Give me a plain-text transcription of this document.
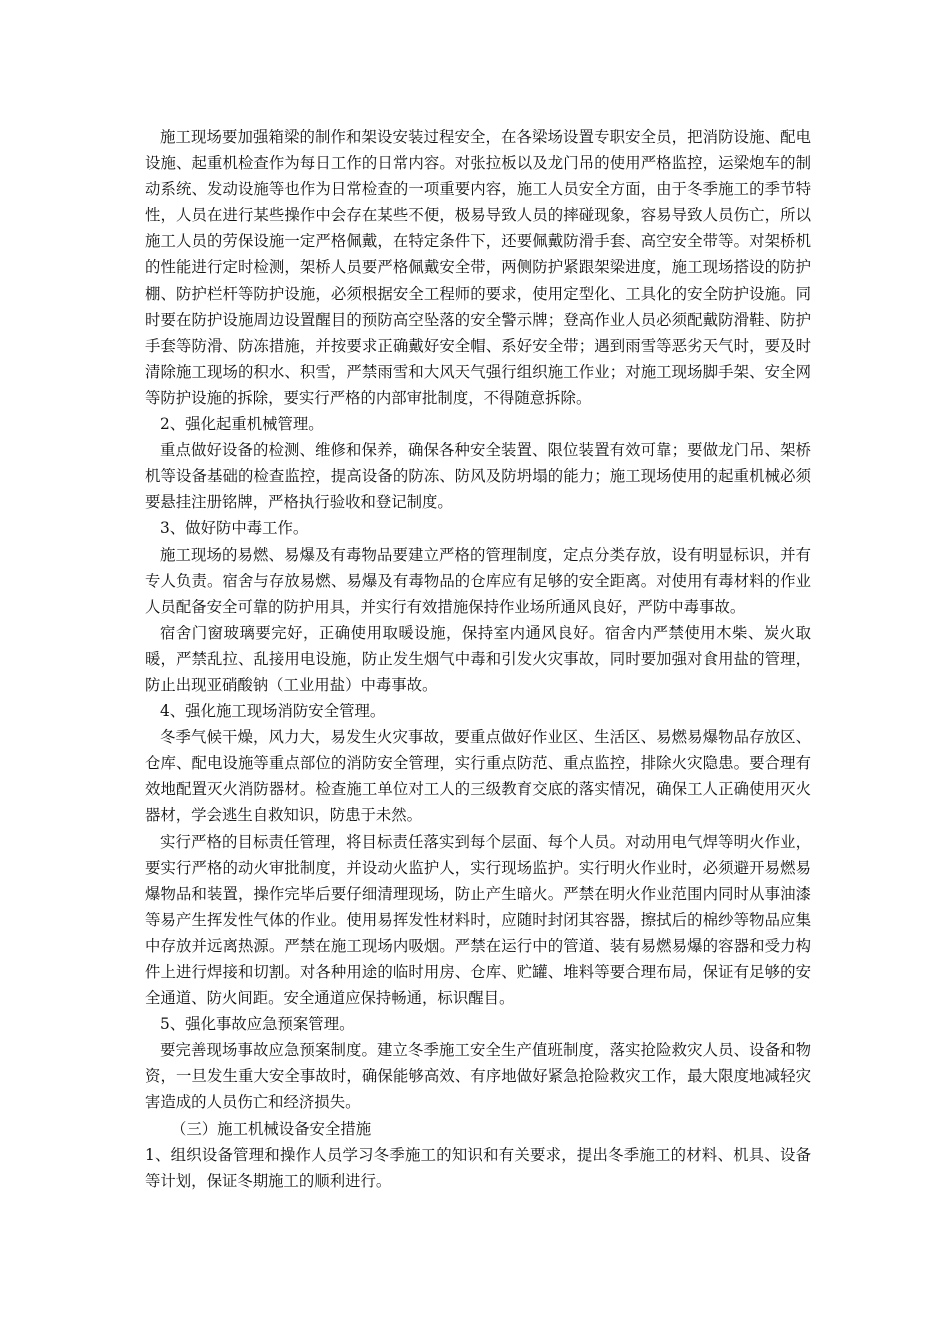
施工现场要加强箱梁的制作和架设安装过程安全，在各梁场设置专职安全员，把消防设施、配电设施、起重机检查作为每日工作的日常内容。对张拉板以及龙门吊的使用严格监控，运梁炮车的制动系统、发动设施等也作为日常检查的一项重要内容，施工人员安全方面，由于冬季施工的季节特性，人员在进行某些操作中会存在某些不便，极易导致人员的摔碰现象，容易导致人员伤亡，所以施工人员的劳保设施一定严格佩戴，在特定条件下，还要佩戴防滑手套、高空安全带等。对架桥机的性能进行定时检测，架桥人员要严格佩戴安全带，两侧防护紧跟架梁进度，施工现场搭设的防护 棚、防护栏杆等防护设施，必须根据安全工程师的要求，使用定型化、工具化的安全防护设施。同时要在防护设施周边设置醒目的预防高空坠落的安全警示牌；登高作业人员必须配戴防滑鞋、防护手套等防滑、防冻措施，并按要求正确戴好安全帽、系好安全带；遇到雨雪等恶劣天气时，要及时清除施工现场的积水、积雪，严禁雨雪和大风天气强行组织施工作业；对施工现场脚手架、安全网等防护设施的拆除，要实行严格的内部审批制度，不得随意拆除。

2、强化起重机械管理。

重点做好设备的检测、维修和保养，确保各种安全装置、限位装置有效可靠；要做龙门吊、架桥机等设备基础的检查监控，提高设备的防冻、防风及防坍塌的能力；施工现场使用的起重机械必须要悬挂注册铭牌，严格执行验收和登记制度。

3、做好防中毒工作。

施工现场的易燃、易爆及有毒物品要建立严格的管理制度，定点分类存放，设有明显标识，并有专人负责。宿舍与存放易燃、易爆及有毒物品的仓库应有足够的安全距离。对使用有毒材料的作业人员配备安全可靠的防护用具，并实行有效措施保持作业场所通风良好，严防中毒事故。

宿舍门窗玻璃要完好，正确使用取暖设施，保持室内通风良好。宿舍内严禁使用木柴、炭火取暖，严禁乱拉、乱接用电设施，防止发生烟气中毒和引发火灾事故，同时要加强对食用盐的管理，防止出现亚硝酸钠（工业用盐）中毒事故。

4、强化施工现场消防安全管理。

冬季气候干燥，风力大，易发生火灾事故，要重点做好作业区、生活区、易燃易爆物品存放区、仓库、配电设施等重点部位的消防安全管理，实行重点防范、重点监控，排除火灾隐患。要合理有效地配置灭火消防器材。检查施工单位对工人的三级教育交底的落实情况，确保工人正确使用灭火器材，学会逃生自救知识，防患于未然。

实行严格的目标责任管理，将目标责任落实到每个层面、每个人员。对动用电气焊等明火作业，要实行严格的动火审批制度，并设动火监护人，实行现场监护。实行明火作业时，必须避开易燃易爆物品和装置，操作完毕后要仔细清理现场，防止产生暗火。严禁在明火作业范围内同时从事油漆等易产生挥发性气体的作业。使用易挥发性材料时，应随时封闭其容器，擦拭后的棉纱等物品应集中存放并远离热源。严禁在施工现场内吸烟。严禁在运行中的管道、装有易燃易爆的容器和受力构件上进行焊接和切割。对各种用途的临时用房、仓库、贮罐、堆料等要合理布局，保证有足够的安全通道、防火间距。安全通道应保持畅通，标识醒目。

5、强化事故应急预案管理。

要完善现场事故应急预案制度。建立冬季施工安全生产值班制度，落实抢险救灾人员、设备和物资，一旦发生重大安全事故时，确保能够高效、有序地做好紧急抢险救灾工作，最大限度地减轻灾害造成的人员伤亡和经济损失。

（三）施工机械设备安全措施

1、组织设备管理和操作人员学习冬季施工的知识和有关要求，提出冬季施工的材料、机具、设备等计划，保证冬期施工的顺利进行。
